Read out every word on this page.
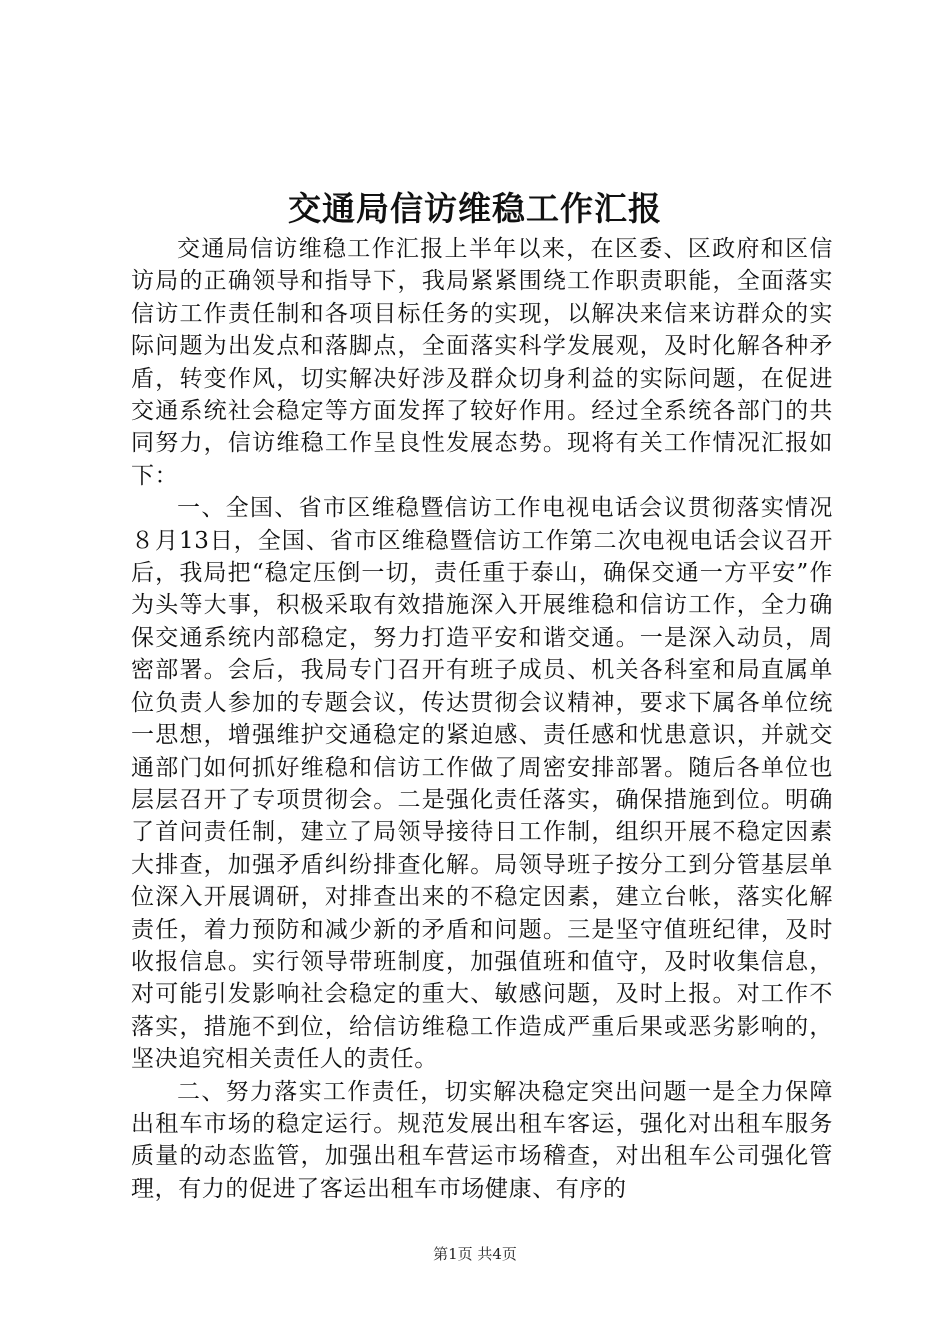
交通局信访维稳工作汇报

交通局信访维稳工作汇报上半年以来，在区委、区政府和区信访局的正确领导和指导下，我局紧紧围绕工作职责职能，全面落实信访工作责任制和各项目标任务的实现，以解决来信来访群众的实际问题为出发点和落脚点，全面落实科学发展观，及时化解各种矛盾，转变作风，切实解决好涉及群众切身利益的实际问题，在促进交通系统社会稳定等方面发挥了较好作用。经过全系统各部门的共同努力，信访维稳工作呈良性发展态势。现将有关工作情况汇报如下：

一、全国、省市区维稳暨信访工作电视电话会议贯彻落实情况８月13日，全国、省市区维稳暨信访工作第二次电视电话会议召开后，我局把“稳定压倒一切，责任重于泰山，确保交通一方平安”作为头等大事，积极采取有效措施深入开展维稳和信访工作，全力确保交通系统内部稳定，努力打造平安和谐交通。一是深入动员，周密部署。会后，我局专门召开有班子成员、机关各科室和局直属单位负责人参加的专题会议，传达贯彻会议精神，要求下属各单位统一思想，增强维护交通稳定的紧迫感、责任感和忧患意识，并就交通部门如何抓好维稳和信访工作做了周密安排部署。随后各单位也层层召开了专项贯彻会。二是强化责任落实，确保措施到位。明确了首问责任制，建立了局领导接待日工作制，组织开展不稳定因素大排查，加强矛盾纠纷排查化解。局领导班子按分工到分管基层单位深入开展调研，对排查出来的不稳定因素，建立台帐，落实化解责任，着力预防和减少新的矛盾和问题。三是坚守值班纪律，及时收报信息。实行领导带班制度，加强值班和值守，及时收集信息，对可能引发影响社会稳定的重大、敏感问题，及时上报。对工作不落实，措施不到位，给信访维稳工作造成严重后果或恶劣影响的，坚决追究相关责任人的责任。

二、努力落实工作责任，切实解决稳定突出问题一是全力保障出租车市场的稳定运行。规范发展出租车客运，强化对出租车服务质量的动态监管，加强出租车营运市场稽查，对出租车公司强化管理，有力的促进了客运出租车市场健康、有序的

第1页 共4页
